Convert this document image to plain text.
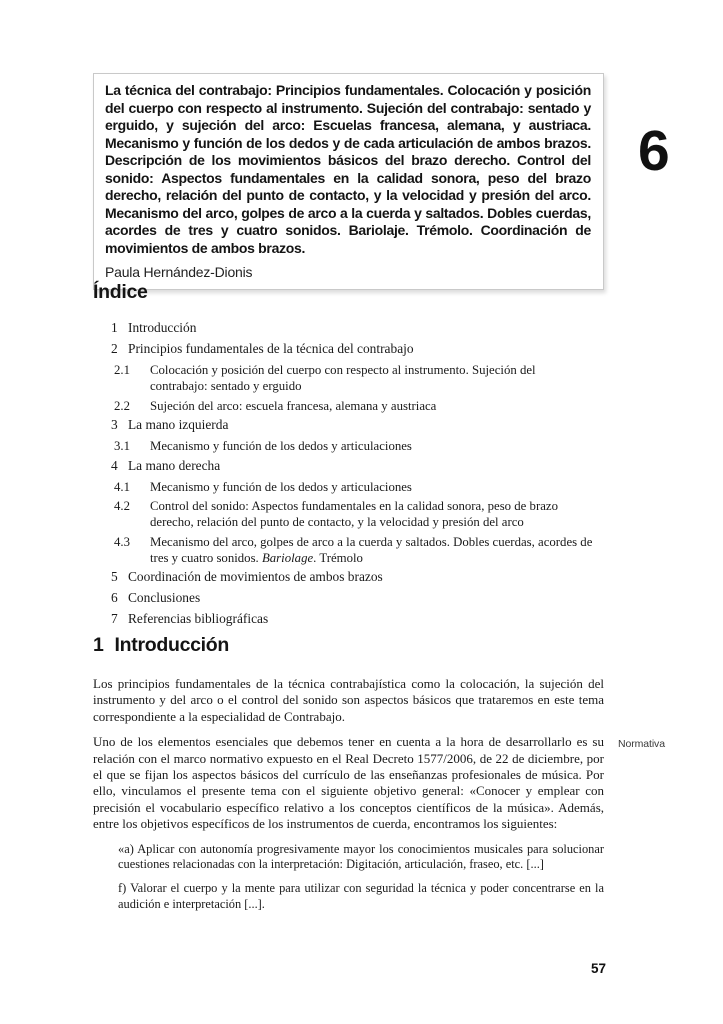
La técnica del contrabajo: Principios fundamentales. Colocación y posición del cuerpo con respecto al instrumento. Sujeción del contrabajo: sentado y erguido, y sujeción del arco: Escuelas francesa, alemana, y austriaca. Mecanismo y función de los dedos y de cada articulación de ambos brazos. Descripción de los movimientos básicos del brazo derecho. Control del sonido: Aspectos fundamentales en la calidad sonora, peso del brazo derecho, relación del punto de contacto, y la velocidad y presión del arco. Mecanismo del arco, golpes de arco a la cuerda y saltados. Dobles cuerdas, acordes de tres y cuatro sonidos. Bariolaje. Trémolo. Coordinación de movimientos de ambos brazos.

Paula Hernández-Dionis

6
Índice
1 Introducción
2 Principios fundamentales de la técnica del contrabajo
2.1	Colocación y posición del cuerpo con respecto al instrumento. Sujeción del contrabajo: sentado y erguido
2.2	Sujeción del arco: escuela francesa, alemana y austriaca
3 La mano izquierda
3.1	Mecanismo y función de los dedos y articulaciones
4 La mano derecha
4.1	Mecanismo y función de los dedos y articulaciones
4.2	Control del sonido: Aspectos fundamentales en la calidad sonora, peso de brazo derecho, relación del punto de contacto, y la velocidad y presión del arco
4.3	Mecanismo del arco, golpes de arco a la cuerda y saltados. Dobles cuerdas, acordes de tres y cuatro sonidos. Bariolage. Trémolo
5 Coordinación de movimientos de ambos brazos
6 Conclusiones
7 Referencias bibliográficas
1 Introducción

Los principios fundamentales de la técnica contrabajística como la colocación, la sujeción del instrumento y del arco o el control del sonido son aspectos básicos que trataremos en este tema correspondiente a la especialidad de Contrabajo.

Uno de los elementos esenciales que debemos tener en cuenta a la hora de desarrollarlo es su relación con el marco normativo expuesto en el Real Decreto 1577/2006, de 22 de diciembre, por el que se fijan los aspectos básicos del currículo de las enseñanzas profesionales de música. Por ello, vinculamos el presente tema con el siguiente objetivo general: «Conocer y emplear con precisión el vocabulario específico relativo a los conceptos científicos de la música». Además, entre los objetivos específicos de los instrumentos de cuerda, encontramos los siguientes:

«a) Aplicar con autonomía progresivamente mayor los conocimientos musicales para solucionar cuestiones relacionadas con la interpretación: Digitación, articulación, fraseo, etc. [...]
f) Valorar el cuerpo y la mente para utilizar con seguridad la técnica y poder concentrarse en la audición e interpretación [...].
Normativa
57
